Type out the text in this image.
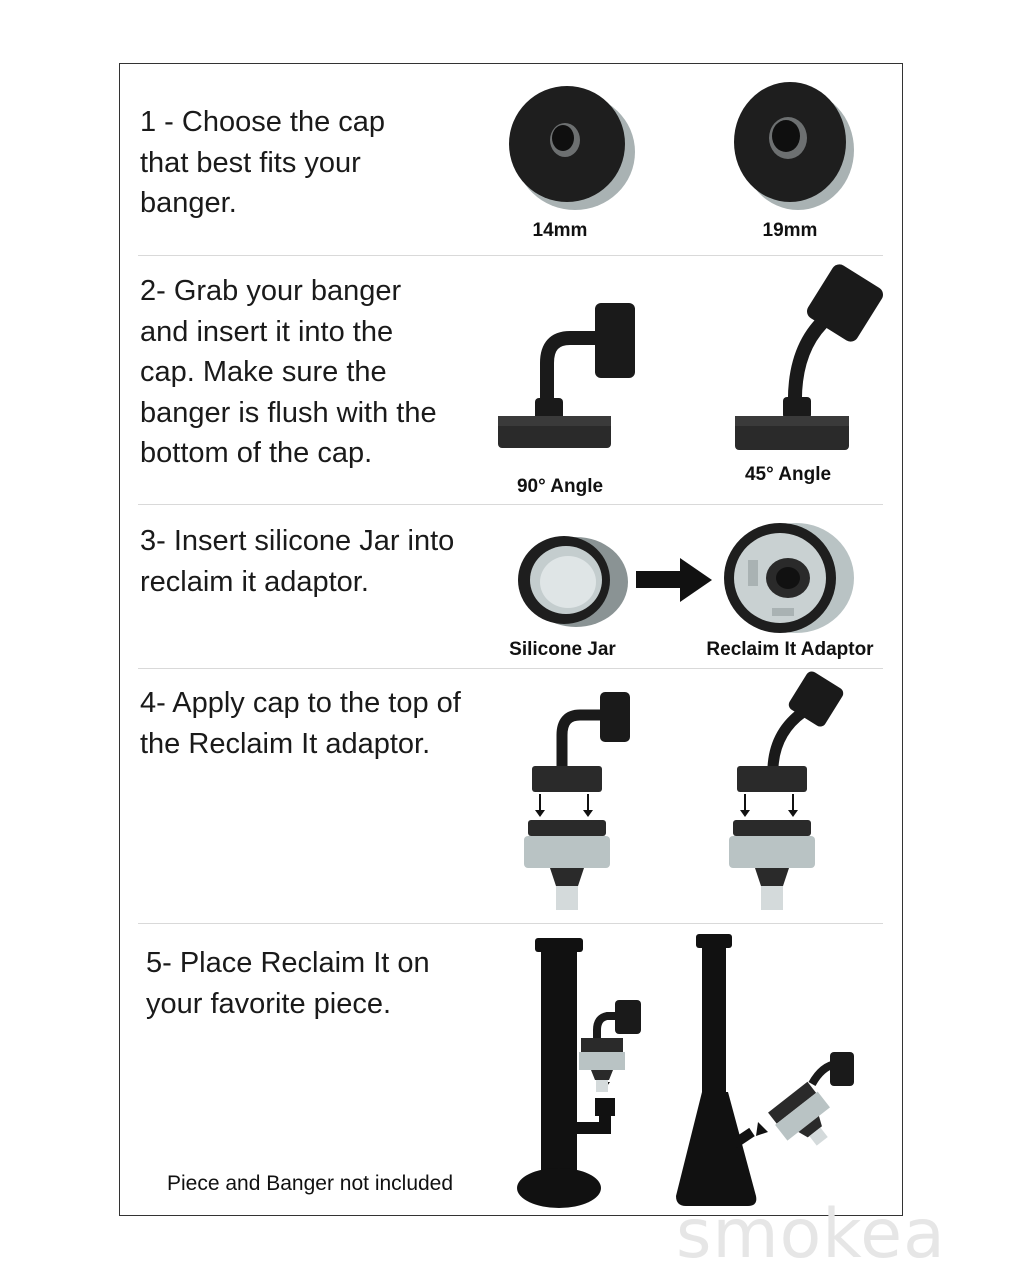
1 - Choose the cap
that best fits your
banger.
2- Grab your banger
and insert it into the
cap. Make sure the
banger is flush with the
bottom of the cap.
3- Insert silicone Jar into
reclaim it adaptor.
4- Apply cap to the top of
the Reclaim It adaptor.
5- Place Reclaim It on
your favorite piece.
14mm	19mm
90° Angle
45° Angle
Silicone Jar	Reclaim It Adaptor
Piece and Banger not included
smokea
